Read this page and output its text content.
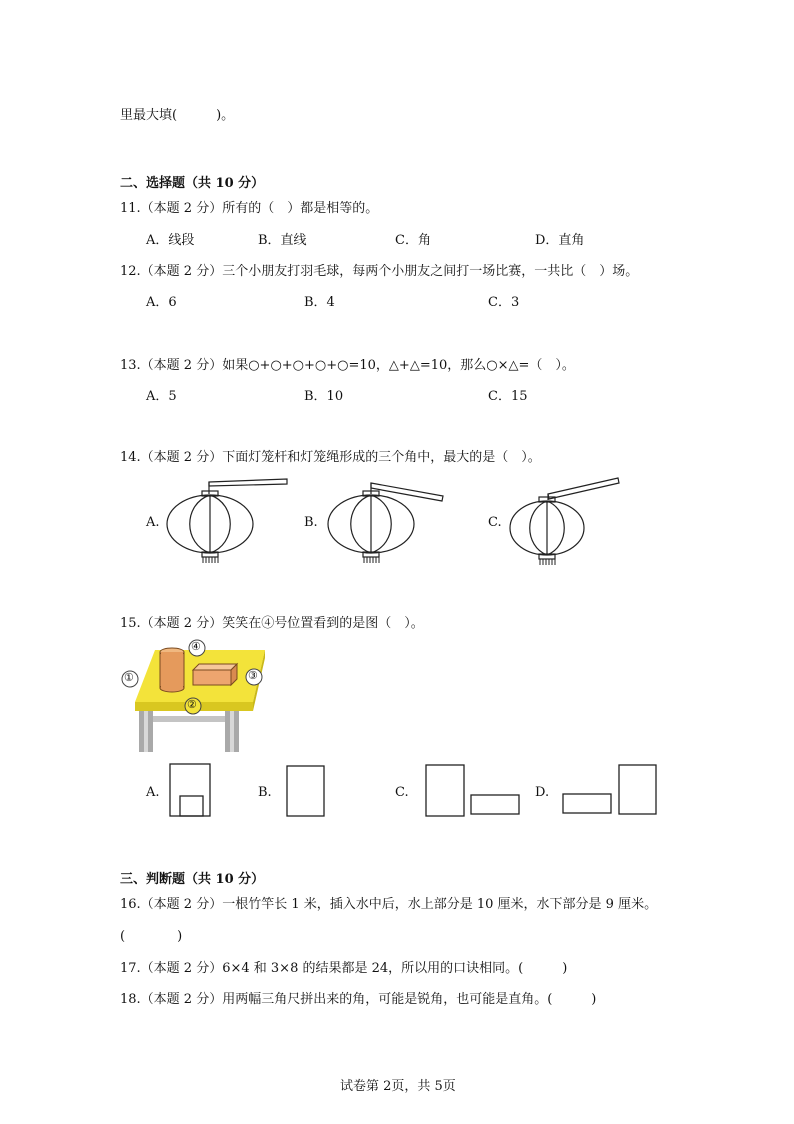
里最大填(　　　)。
二、选择题（共 10 分）
11.（本题 2 分）所有的（　）都是相等的。
A．线段	B．直线	C．角	D．直角
12.（本题 2 分）三个小朋友打羽毛球，每两个小朋友之间打一场比赛，一共比（　）场。
A．6	B．4	C．3
13.（本题 2 分）如果○+○+○+○+○=10，△+△=10，那么○×△=（　）。
A．5	B．10	C．15
14.（本题 2 分）下面灯笼杆和灯笼绳形成的三个角中，最大的是（　）。
A.	B.	C.
15.（本题 2 分）笑笑在④号位置看到的是图（　）。
①
②
③
④
A.	B.	C.	D.
三、判断题（共 10 分）
16.（本题 2 分）一根竹竿长 1 米，插入水中后，水上部分是 10 厘米，水下部分是 9 厘米。
(　　　　)
17.（本题 2 分）6×4 和 3×8 的结果都是 24，所以用的口诀相同。(　　　)
18.（本题 2 分）用两幅三角尺拼出来的角，可能是锐角，也可能是直角。(　　　)
试卷第 2页，共 5页
